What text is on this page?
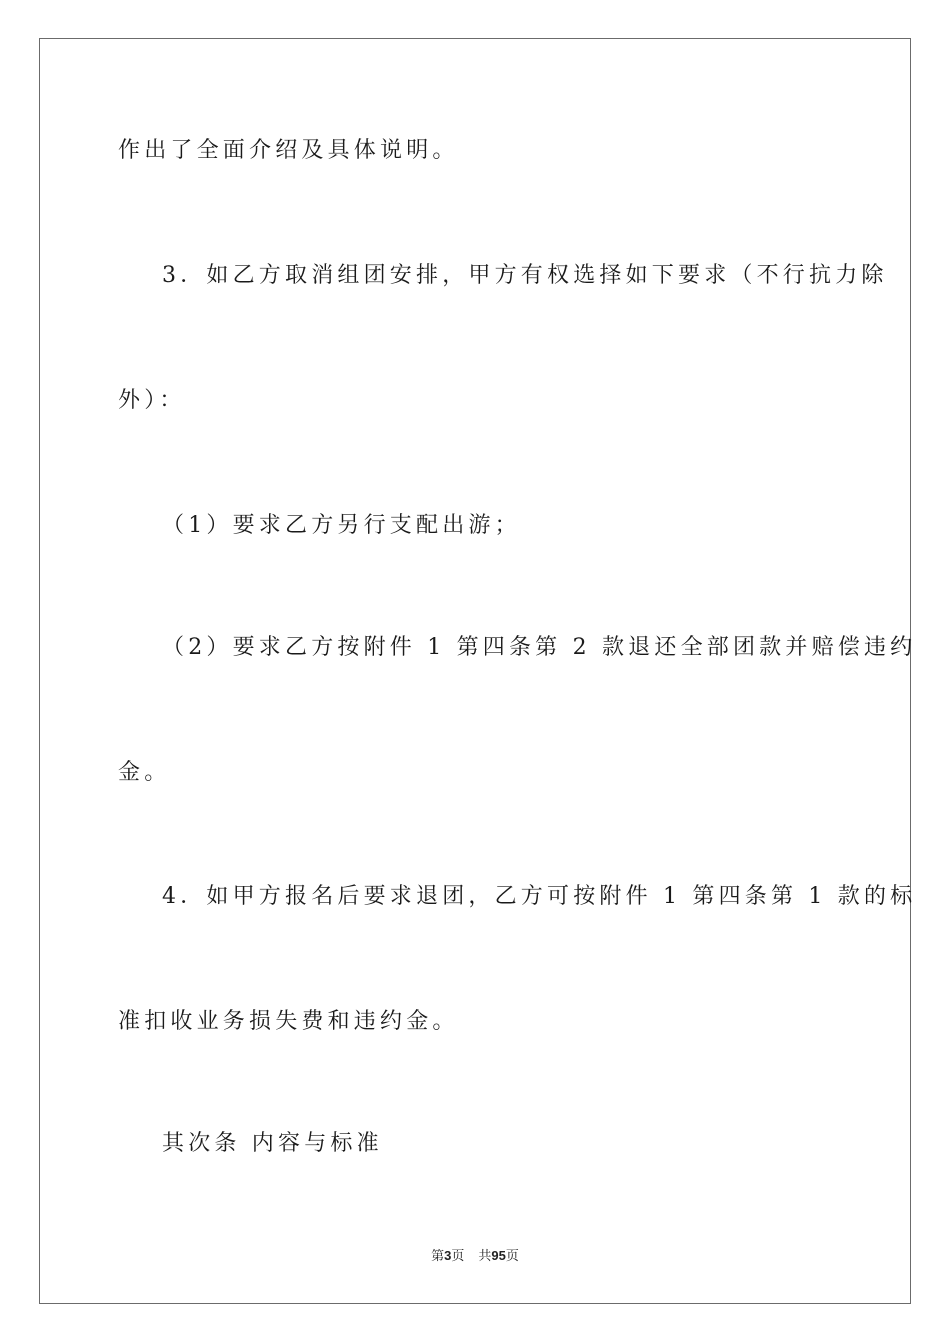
作出了全面介绍及具体说明。
3．如乙方取消组团安排，甲方有权选择如下要求（不行抗力除
外）：
（1）要求乙方另行支配出游；
（2）要求乙方按附件 1 第四条第 2 款退还全部团款并赔偿违约
金。
4．如甲方报名后要求退团，乙方可按附件 1 第四条第 1 款的标
准扣收业务损失费和违约金。
其次条 内容与标准
第3页 共95页
